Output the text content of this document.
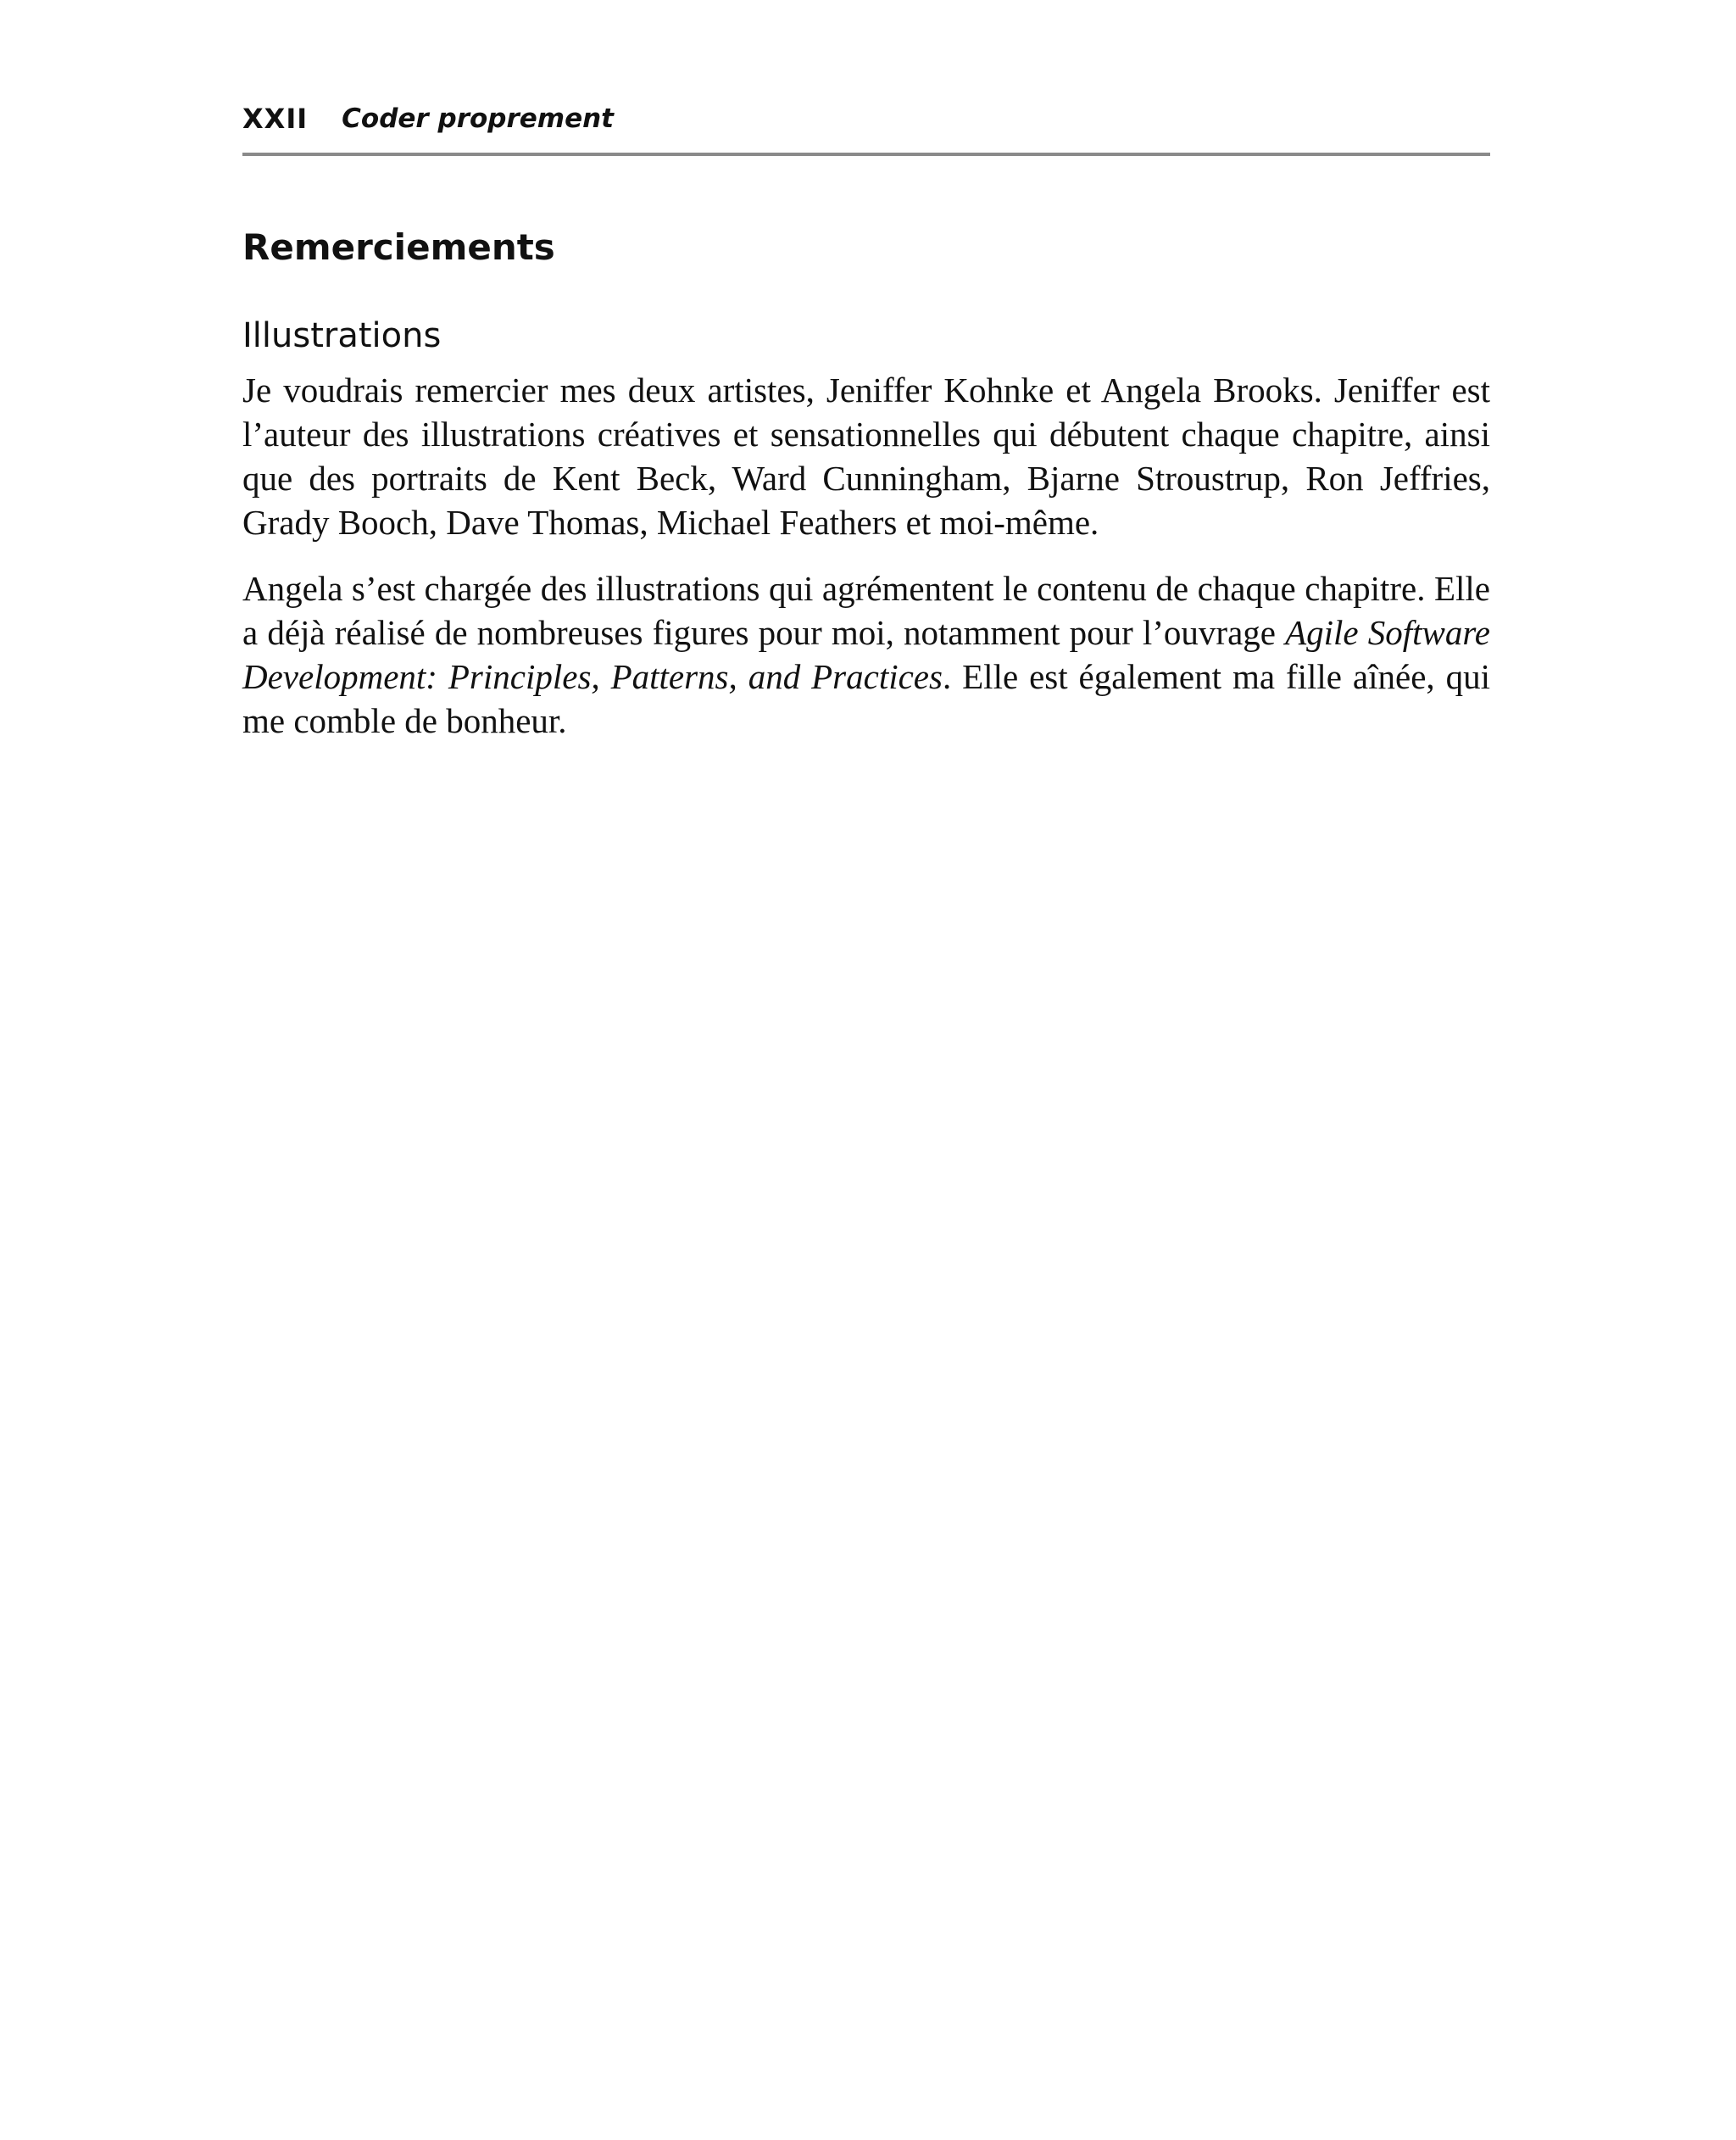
XXII Coder proprement
Remerciements
Illustrations

Je voudrais remercier mes deux artistes, Jeniffer Kohnke et Angela Brooks. Jeniffer est l’auteur des illustrations créatives et sensationnelles qui débutent chaque chapitre, ainsi que des portraits de Kent Beck, Ward Cunningham, Bjarne Stroustrup, Ron Jeffries, Grady Booch, Dave Thomas, Michael Feathers et moi-même.

Angela s’est chargée des illustrations qui agrémentent le contenu de chaque chapitre. Elle a déjà réalisé de nombreuses figures pour moi, notamment pour l’ouvrage Agile Software Development: Principles, Patterns, and Practices. Elle est également ma fille aînée, qui me comble de bonheur.
